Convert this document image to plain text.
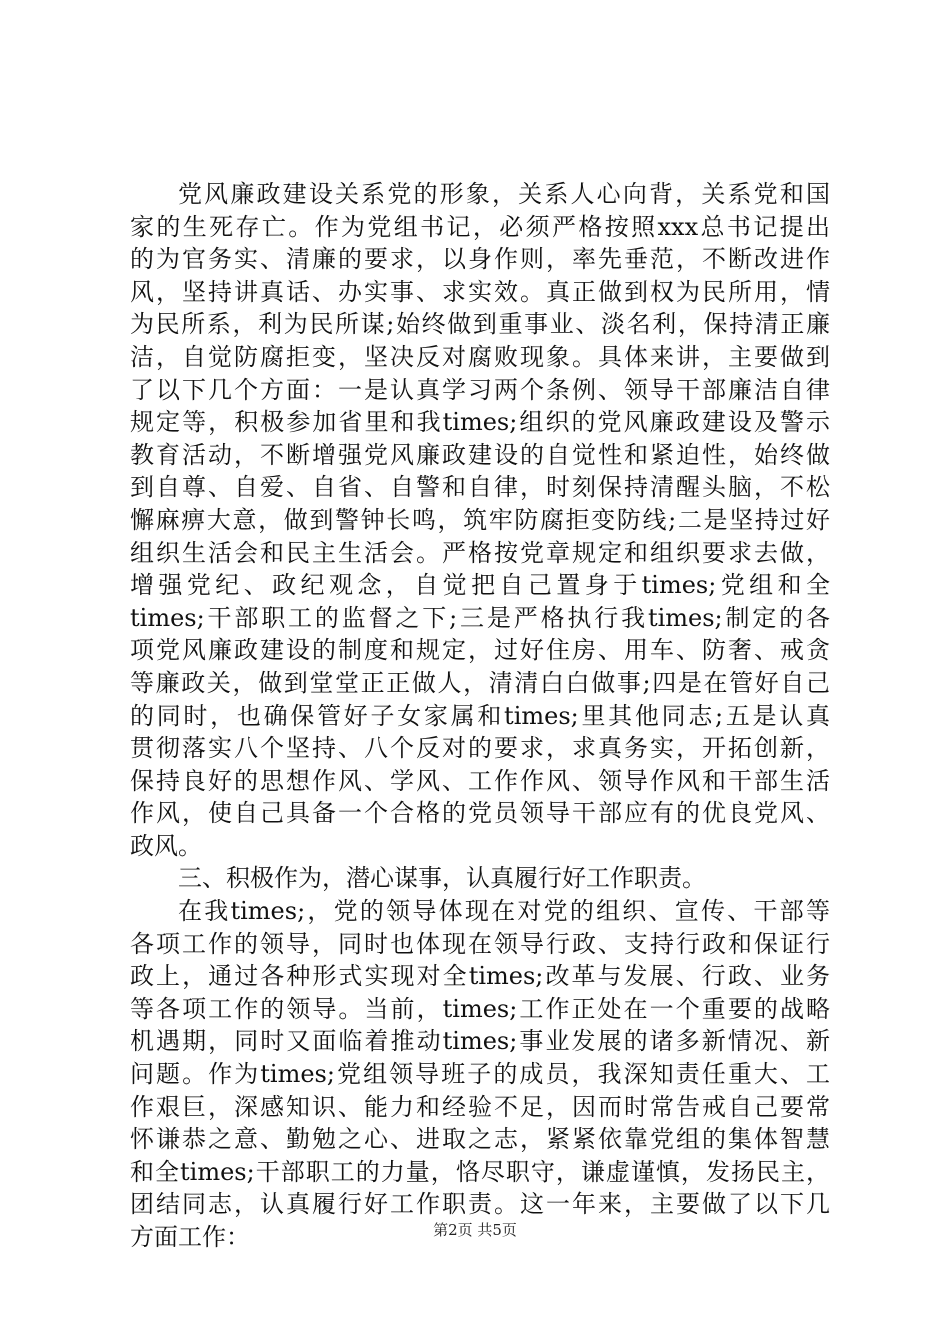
党风廉政建设关系党的形象，关系人心向背，关系党和国
家的生死存亡。作为党组书记，必须严格按照xxx总书记提出
的为官务实、清廉的要求，以身作则，率先垂范，不断改进作
风，坚持讲真话、办实事、求实效。真正做到权为民所用，情
为民所系，利为民所谋;始终做到重事业、淡名利，保持清正廉
洁，自觉防腐拒变，坚决反对腐败现象。具体来讲，主要做到
了以下几个方面：一是认真学习两个条例、领导干部廉洁自律
规定等，积极参加省里和我times;组织的党风廉政建设及警示
教育活动，不断增强党风廉政建设的自觉性和紧迫性，始终做
到自尊、自爱、自省、自警和自律，时刻保持清醒头脑，不松
懈麻痹大意，做到警钟长鸣，筑牢防腐拒变防线;二是坚持过好
组织生活会和民主生活会。严格按党章规定和组织要求去做，
增强党纪、政纪观念，自觉把自己置身于times;党组和全
times;干部职工的监督之下;三是严格执行我times;制定的各
项党风廉政建设的制度和规定，过好住房、用车、防奢、戒贪
等廉政关，做到堂堂正正做人，清清白白做事;四是在管好自己
的同时，也确保管好子女家属和times;里其他同志;五是认真
贯彻落实八个坚持、八个反对的要求，求真务实，开拓创新，
保持良好的思想作风、学风、工作作风、领导作风和干部生活
作风，使自己具备一个合格的党员领导干部应有的优良党风、
政风。
三、积极作为，潜心谋事，认真履行好工作职责。
在我times;，党的领导体现在对党的组织、宣传、干部等
各项工作的领导，同时也体现在领导行政、支持行政和保证行
政上，通过各种形式实现对全times;改革与发展、行政、业务
等各项工作的领导。当前，times;工作正处在一个重要的战略
机遇期，同时又面临着推动times;事业发展的诸多新情况、新
问题。作为times;党组领导班子的成员，我深知责任重大、工
作艰巨，深感知识、能力和经验不足，因而时常告戒自己要常
怀谦恭之意、勤勉之心、进取之志，紧紧依靠党组的集体智慧
和全times;干部职工的力量，恪尽职守，谦虚谨慎，发扬民主，
团结同志，认真履行好工作职责。这一年来，主要做了以下几
方面工作：	第2页 共5页
